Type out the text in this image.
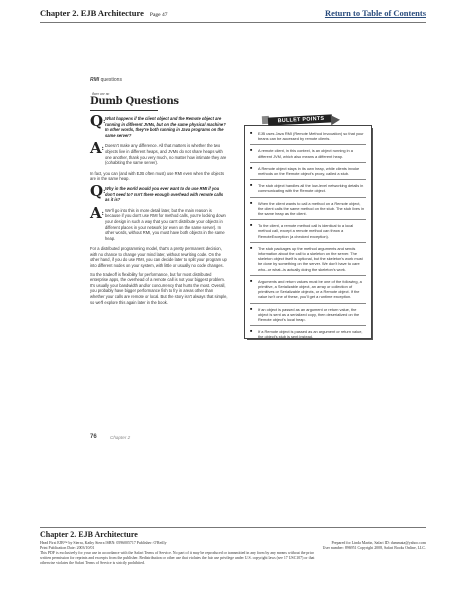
Chapter 2. EJB Architecture Page 47	Return to Table of Contents
RMI questions
there are no
Dumb Questions
Q: What happens if the client object and the Remote object are running in different JVMs, but on the same physical machine? In other words, they're both running in Java programs on the same server?
A: Doesn't make any difference. All that matters is whether the two objects live in different heaps, and JVMs do not share heaps with one another, thank you very much, no matter how intimate they are (cohabiting the same server).

In fact, you can (and with EJB often must) use RMI even when the objects are in the same heap.

Q: Why in the world would you ever want to do use RMI if you don't need to? Isn't there enough overhead with remote calls as it is?
A: We'll go into this in more detail later, but the main reason is because if you don't use RMI for method calls, you're locking down your design in such a way that you can't distribute your objects in different places in your network (or even on the same server). In other words, without RMI, you must have both objects in the same heap.

For a distributed programming model, that's a pretty permanent decision, with no chance to change your mind later, without rewriting code. On the other hand, if you do use RMI, you can decide later to split your program up into different nodes on your system, with little or usually no code changes.

So the tradeoff is flexibility for performance, but for most distributed enterprise apps, the overhead of a remote call is not your biggest problem. It's usually your bandwidth and/or concurrency that hurts the most. Overall, you probably have bigger performance fish to fry in areas other than whether your calls are remote or local. But the story isn't always that simple, so we'll explore this again later in the book.

BULLET POINTS
■ EJB uses Java RMI (Remote Method Invocation) so that your beans can be accessed by remote clients.
■ A remote client, in this context, is an object running in a different JVM, which also means a different heap.
■ A Remote object stays in its own heap, while clients invoke methods on the Remote object's proxy, called a stub.
■ The stub object handles all the low-level networking details in communicating with the Remote object.
■ When the client wants to call a method on a Remote object, the client calls the same method on the stub. The stub lives in the same heap as the client.
■ To the client, a remote method call is identical to a local method call, except a remote method can throw a RemoteException (a checked exception).
■ The stub packages up the method arguments and sends information about the call to a skeleton on the server. The skeleton object itself is optional, but the skeleton's work must be done by something on the server. We don't have to care who--or what--is actually doing the skeleton's work.
■ Arguments and return values must be one of the following, a primitive, a Serializable object, an array or collection of primitives or Serializable objects, or a Remote object. If the value isn't one of these, you'll get a runtime exception.
■ If an object is passed as an argument or return value, the object is sent as a serialized copy, then deserialized on the Remote object's local heap.
■ If a Remote object is passed as an argument or return value, the object's stub is sent instead.
76	Chapter 2
Chapter 2. EJB Architecture
Head First EJB™ by Sierra, Kathy Sierra ISBN: 0596005717 Publisher: O'Reilly
Print Publication Date: 2003/10/01
This PDF is exclusively for your use in accordance with the Safari Terms of Service. No part of it may be reproduced or transmitted in any form by any means without the prior
written permission for reprints and excerpts from the publisher. Redistribution or other use that violates the fair use privilege under U.S. copyright laws (see 17 USC107) or that
otherwise violates the Safari Terms of Service is strictly prohibited.
Prepared for Linda Martin, Safari ID: dummata@yahoo.com
User number: 896951 Copyright 2008, Safari Books Online, LLC.
